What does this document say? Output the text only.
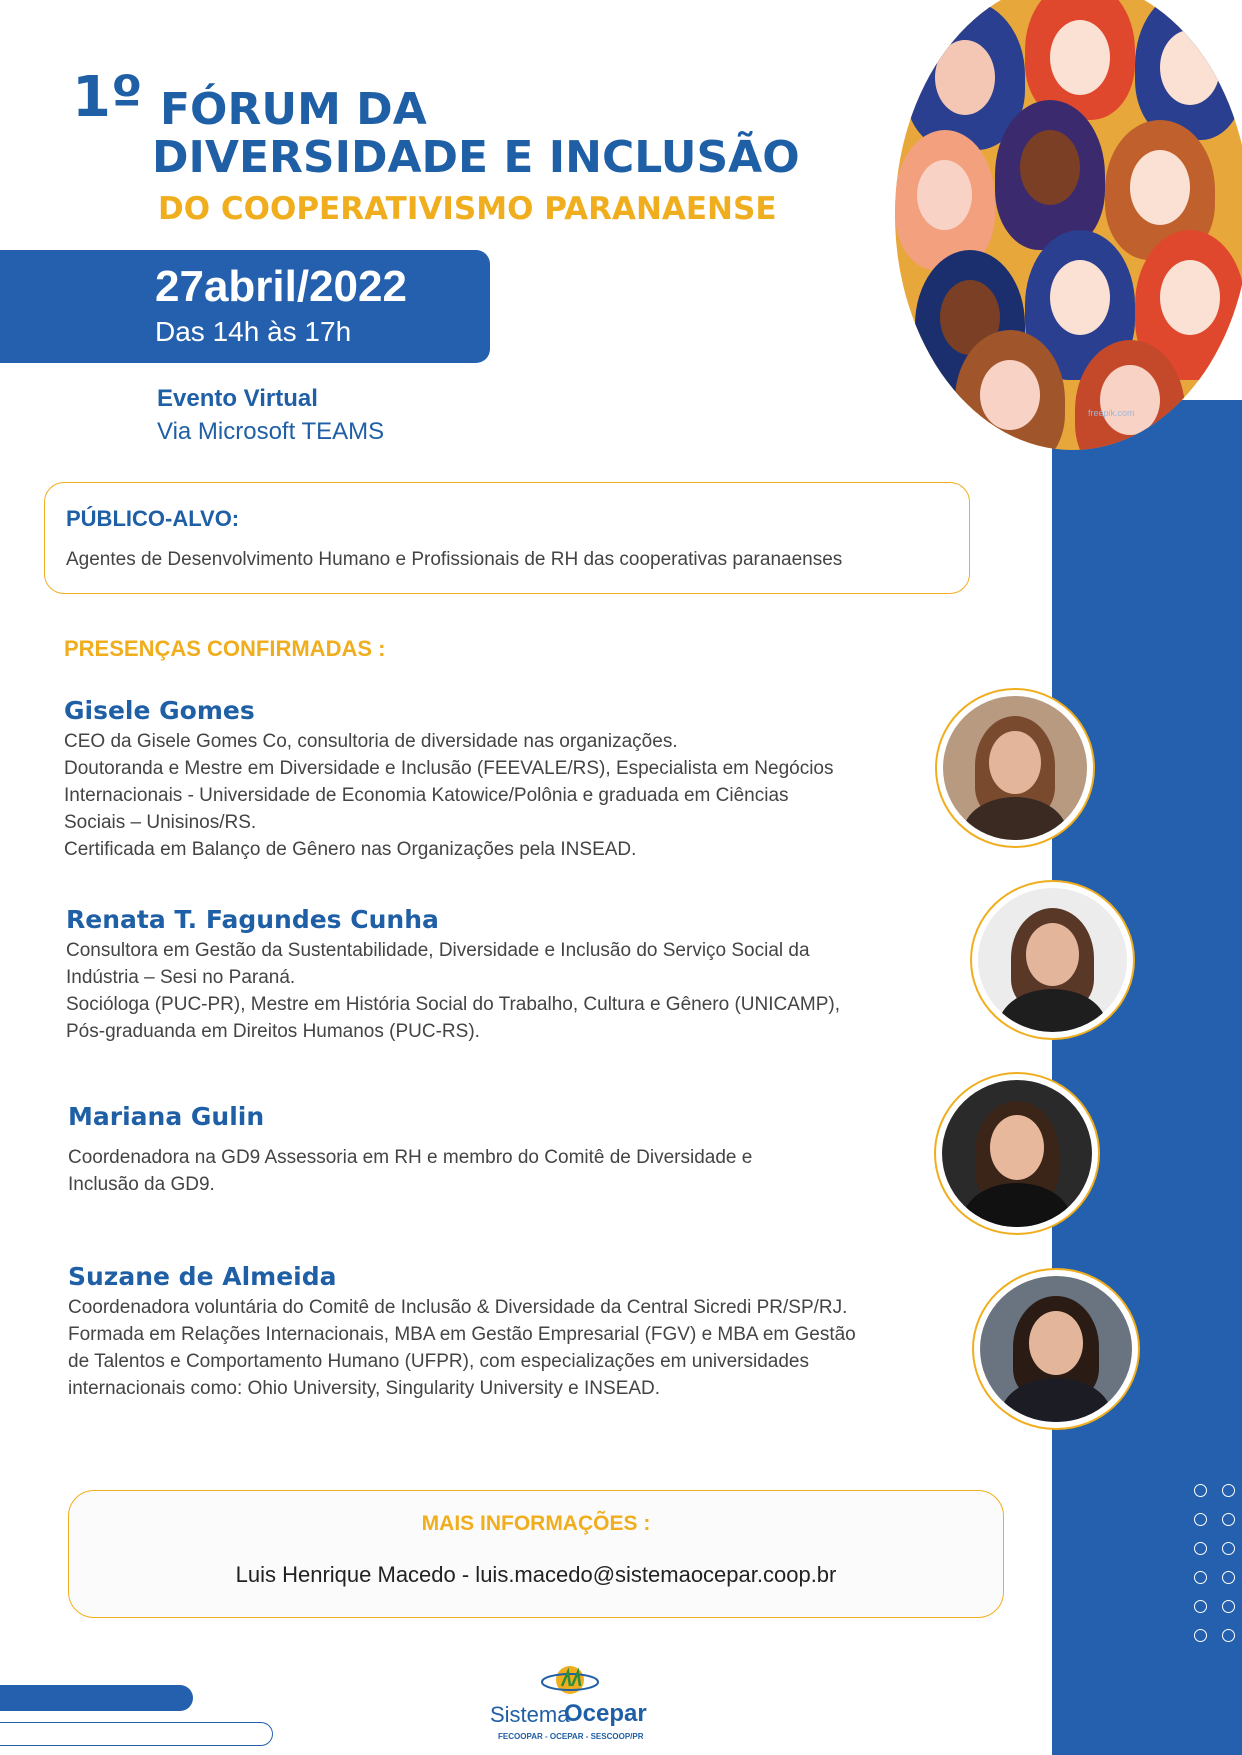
freepik.com
1º FÓRUM DA
DIVERSIDADE E INCLUSÃO
DO COOPERATIVISMO PARANAENSE
27abril/2022
Das 14h às 17h
Evento Virtual
Via Microsoft TEAMS
PÚBLICO-ALVO:
Agentes de Desenvolvimento Humano e Profissionais de RH das cooperativas paranaenses
PRESENÇAS CONFIRMADAS :
Gisele Gomes
CEO da Gisele Gomes Co, consultoria de diversidade nas organizações.
Doutoranda e Mestre em Diversidade e Inclusão (FEEVALE/RS), Especialista em Negócios
Internacionais - Universidade de Economia Katowice/Polônia e graduada em Ciências
Sociais – Unisinos/RS.
Certificada em Balanço de Gênero nas Organizações pela INSEAD.
Renata T. Fagundes Cunha
Consultora em Gestão da Sustentabilidade, Diversidade e Inclusão do Serviço Social da
Indústria – Sesi no Paraná.
Socióloga (PUC-PR), Mestre em História Social do Trabalho, Cultura e Gênero (UNICAMP),
Pós-graduanda em Direitos Humanos (PUC-RS).
Mariana Gulin
Coordenadora na GD9 Assessoria em RH e membro do Comitê de Diversidade e
Inclusão da GD9.
Suzane de Almeida
Coordenadora voluntária do Comitê de Inclusão & Diversidade da Central Sicredi PR/SP/RJ.
Formada em Relações Internacionais, MBA em Gestão Empresarial (FGV) e MBA em Gestão
de Talentos e Comportamento Humano (UFPR), com especializações em universidades
internacionais como: Ohio University, Singularity University e INSEAD.
MAIS INFORMAÇÕES :
Luis Henrique Macedo - luis.macedo@sistemaocepar.coop.br
Sistema
Ocepar
FECOOPAR - OCEPAR - SESCOOP/PR
